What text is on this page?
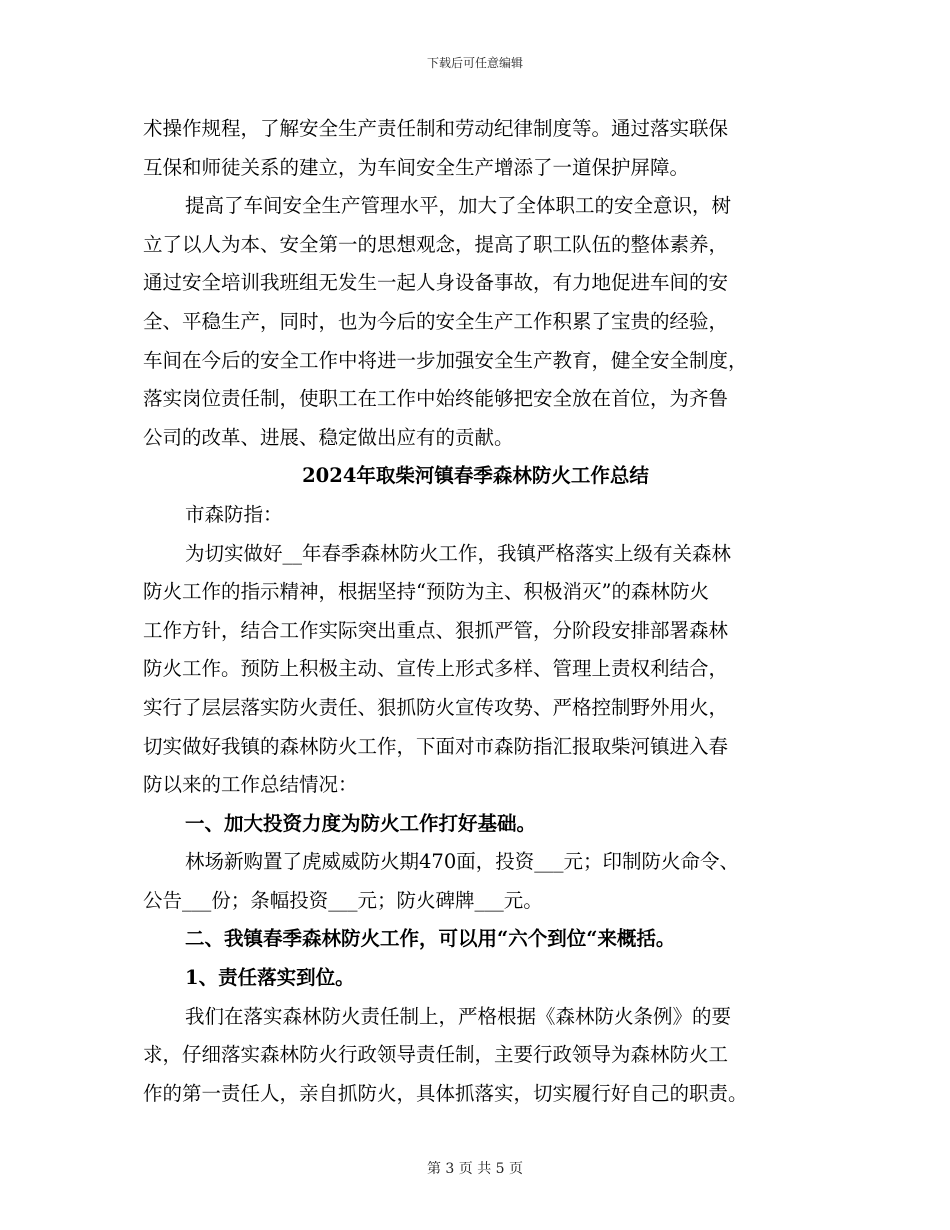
下载后可任意编辑
术操作规程，了解安全生产责任制和劳动纪律制度等。通过落实联保
互保和师徒关系的建立，为车间安全生产增添了一道保护屏障。
提高了车间安全生产管理水平，加大了全体职工的安全意识，树
立了以人为本、安全第一的思想观念，提高了职工队伍的整体素养，
通过安全培训我班组无发生一起人身设备事故，有力地促进车间的安
全、平稳生产，同时，也为今后的安全生产工作积累了宝贵的经验，
车间在今后的安全工作中将进一步加强安全生产教育，健全安全制度，
落实岗位责任制，使职工在工作中始终能够把安全放在首位，为齐鲁
公司的改革、进展、稳定做出应有的贡献。
2024年取柴河镇春季森林防火工作总结
市森防指：
为切实做好__年春季森林防火工作，我镇严格落实上级有关森林
防火工作的指示精神，根据坚持“预防为主、积极消灭”的森林防火
工作方针，结合工作实际突出重点、狠抓严管，分阶段安排部署森林
防火工作。预防上积极主动、宣传上形式多样、管理上责权利结合，
实行了层层落实防火责任、狠抓防火宣传攻势、严格控制野外用火，
切实做好我镇的森林防火工作，下面对市森防指汇报取柴河镇进入春
防以来的工作总结情况：
一、加大投资力度为防火工作打好基础。
林场新购置了虎威威防火期470面，投资___元；印制防火命令、
公告___份；条幅投资___元；防火碑牌___元。
二、我镇春季森林防火工作，可以用“六个到位“来概括。
1、责任落实到位。
我们在落实森林防火责任制上，严格根据《森林防火条例》的要
求，仔细落实森林防火行政领导责任制，主要行政领导为森林防火工
作的第一责任人，亲自抓防火，具体抓落实，切实履行好自己的职责。
第 3 页 共 5 页
